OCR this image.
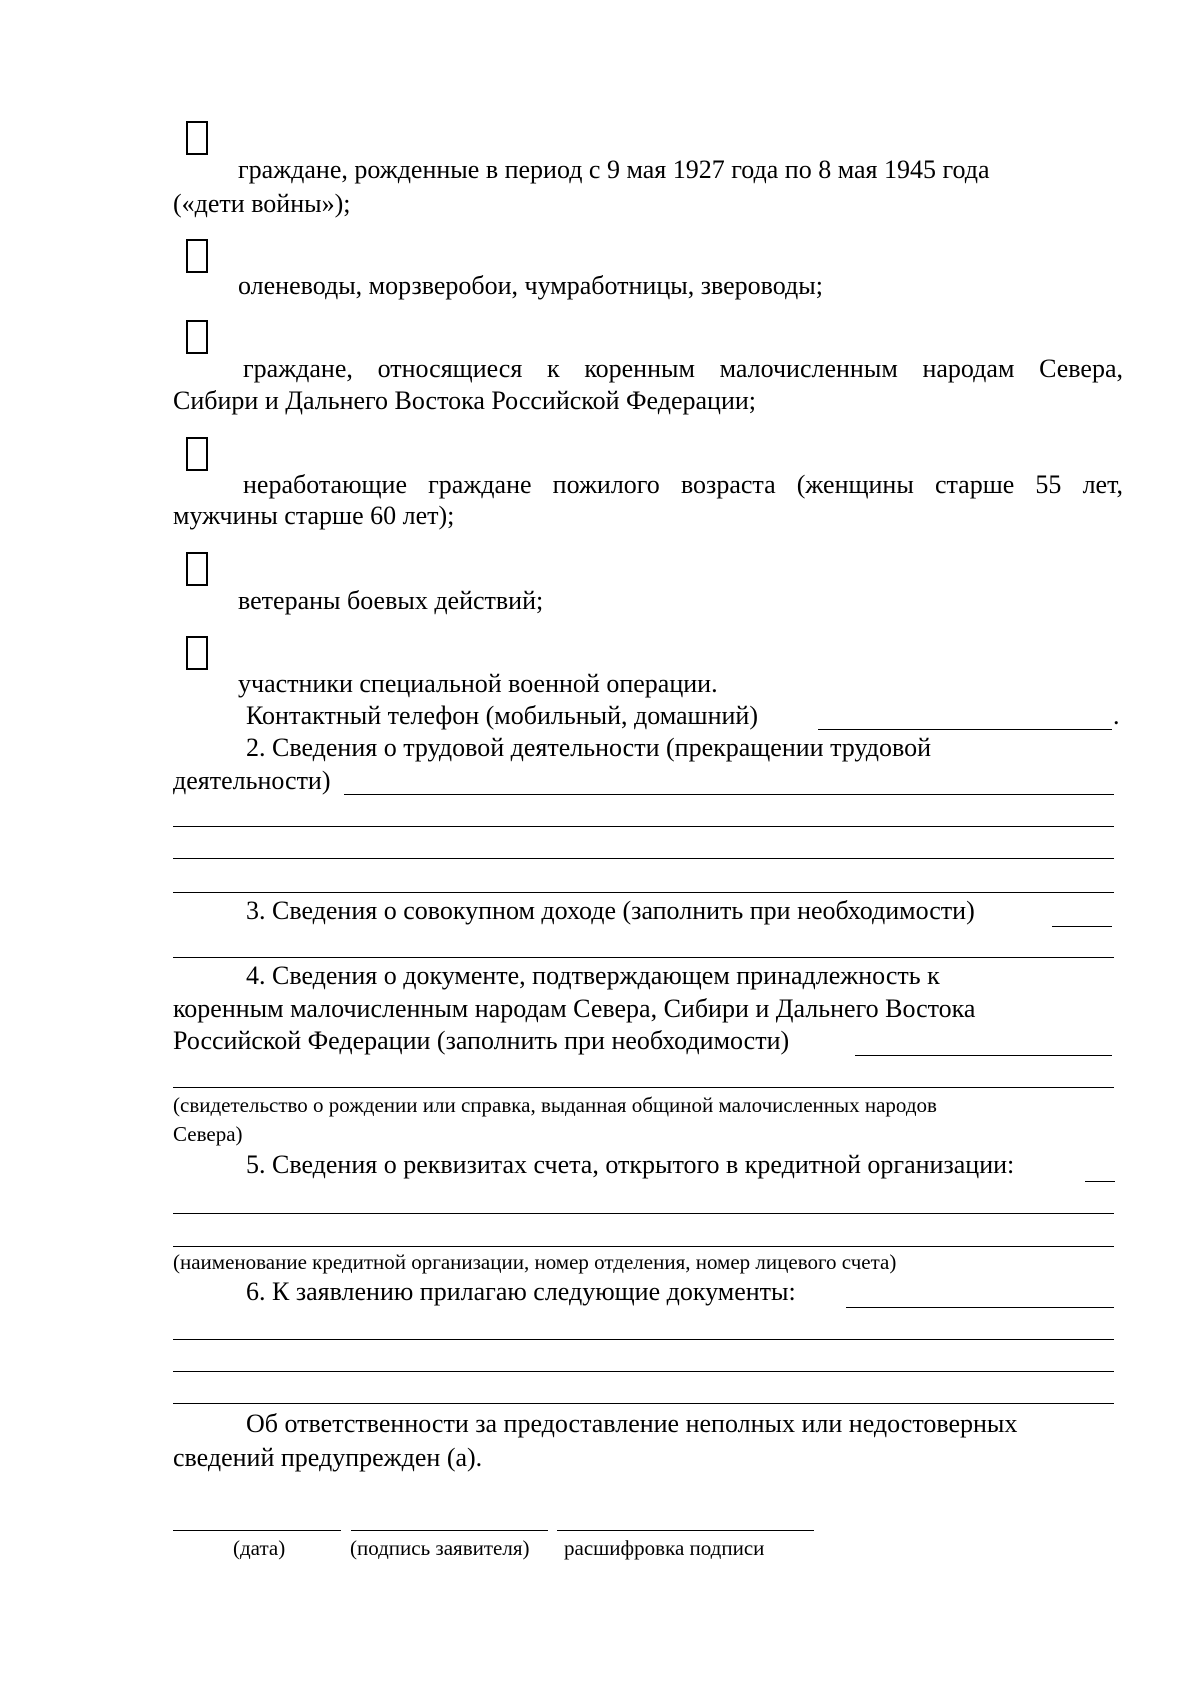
граждане, рожденные в период с 9 мая 1927 года по 8 мая 1945 года
(«дети войны»);
оленеводы, морзверобои, чумработницы, звероводы;
граждане, относящиеся к коренным малочисленным народам Севера,
Сибири и Дальнего Востока Российской Федерации;
неработающие граждане пожилого возраста (женщины старше 55 лет,
мужчины старше 60 лет);
ветераны боевых действий;
участники специальной военной операции.
Контактный телефон (мобильный, домашний)	.
2. Сведения о трудовой деятельности (прекращении трудовой
деятельности)
3. Сведения о совокупном доходе (заполнить при необходимости)
4. Сведения о документе, подтверждающем принадлежность к
коренным малочисленным народам Севера, Сибири и Дальнего Востока
Российской Федерации (заполнить при необходимости)
(свидетельство о рождении или справка, выданная общиной малочисленных народов
Севера)
5. Сведения о реквизитах счета, открытого в кредитной организации:
(наименование кредитной организации, номер отделения, номер лицевого счета)
6. К заявлению прилагаю следующие документы:
Об ответственности за предоставление неполных или недостоверных
сведений предупрежден (а).
(дата)	(подпись заявителя) расшифровка подписи
